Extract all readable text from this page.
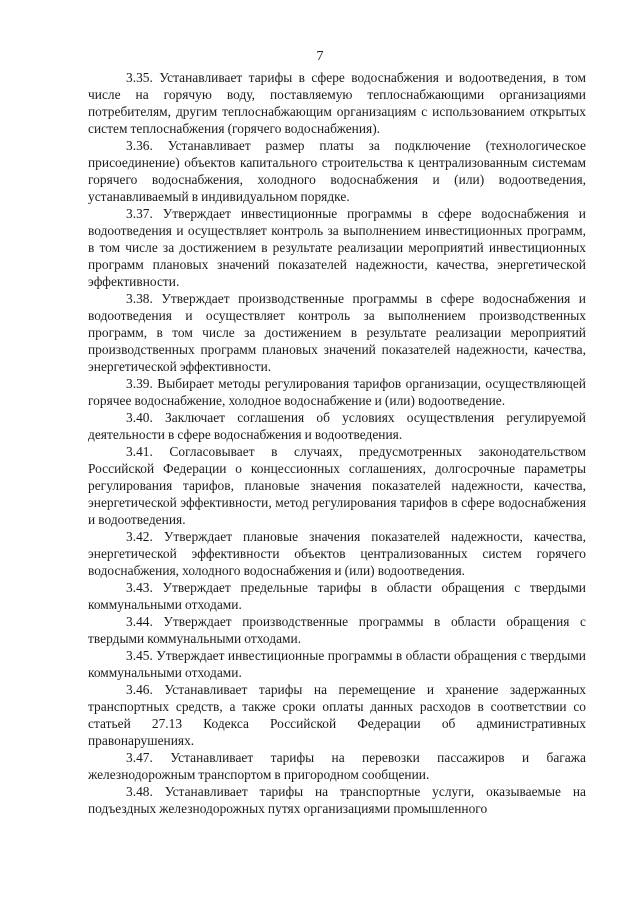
7

3.35. Устанавливает тарифы в сфере водоснабжения и водоотведения, в том числе на горячую воду, поставляемую теплоснабжающими организациями потребителям, другим теплоснабжающим организациям с использованием открытых систем теплоснабжения (горячего водоснабжения).

3.36. Устанавливает размер платы за подключение (технологическое присоединение) объектов капитального строительства к централизованным системам горячего водоснабжения, холодного водоснабжения и (или) водоотведения, устанавливаемый в индивидуальном порядке.

3.37. Утверждает инвестиционные программы в сфере водоснабжения и водоотведения и осуществляет контроль за выполнением инвестиционных программ, в том числе за достижением в результате реализации мероприятий инвестиционных программ плановых значений показателей надежности, качества, энергетической эффективности.

3.38. Утверждает производственные программы в сфере водоснабжения и водоотведения и осуществляет контроль за выполнением производственных программ, в том числе за достижением в результате реализации мероприятий производственных программ плановых значений показателей надежности, качества, энергетической эффективности.

3.39. Выбирает методы регулирования тарифов организации, осуществляющей горячее водоснабжение, холодное водоснабжение и (или) водоотведение.

3.40. Заключает соглашения об условиях осуществления регулируемой деятельности в сфере водоснабжения и водоотведения.

3.41. Согласовывает в случаях, предусмотренных законодательством Российской Федерации о концессионных соглашениях, долгосрочные параметры регулирования тарифов, плановые значения показателей надежности, качества, энергетической эффективности, метод регулирования тарифов в сфере водоснабжения и водоотведения.

3.42. Утверждает плановые значения показателей надежности, качества, энергетической эффективности объектов централизованных систем горячего водоснабжения, холодного водоснабжения и (или) водоотведения.

3.43. Утверждает предельные тарифы в области обращения с твердыми коммунальными отходами.

3.44. Утверждает производственные программы в области обращения с твердыми коммунальными отходами.

3.45. Утверждает инвестиционные программы в области обращения с твердыми коммунальными отходами.

3.46. Устанавливает тарифы на перемещение и хранение задержанных транспортных средств, а также сроки оплаты данных расходов в соответствии со статьей 27.13 Кодекса Российской Федерации об административных правонарушениях.

3.47. Устанавливает тарифы на перевозки пассажиров и багажа железнодорожным транспортом в пригородном сообщении.

3.48. Устанавливает тарифы на транспортные услуги, оказываемые на подъездных железнодорожных путях организациями промышленного
